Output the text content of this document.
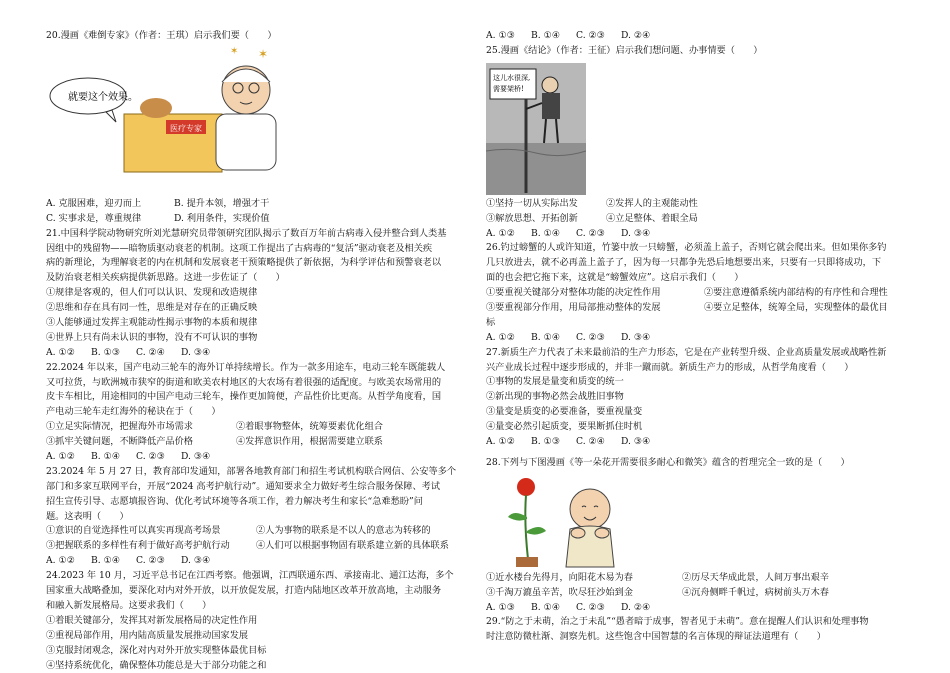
20.漫画《难倒专家》（作者：王琪）启示我们要（　　）
✶
✶
就要这个效果。
医疗专家
A. 克服困难，迎刃而上	B. 提升本领，增强才干
C. 实事求是，尊重规律	D. 利用条件，实现价值
21.中国科学院动物研究所刘光慧研究员带领研究团队揭示了数百万年前古病毒入侵并整合到人类基
因组中的残留物——暗物质驱动衰老的机制。这项工作提出了古病毒的“复活”驱动衰老及相关疾
病的新理论，为理解衰老的内在机制和发展衰老干预策略提供了新依据，为科学评估和预警衰老以
及防治衰老相关疾病提供新思路。这进一步佐证了（　　）
①规律是客观的，但人们可以认识、发现和改造规律
②思维和存在具有同一性，思维是对存在的正确反映
③人能够通过发挥主观能动性揭示事物的本质和规律
④世界上只有尚未认识的事物，没有不可认识的事物
A. ①② B. ①③ C. ②④ D. ③④
22.2024 年以来，国产电动三轮车的海外订单持续增长。作为一款多用途车，电动三轮车既能载人
又可拉货，与欧洲城市狭窄的街道和欧美农村地区的大农场有着很强的适配度。与欧美农场常用的
皮卡车相比，用途相同的中国产电动三轮车，操作更加简便，产品性价比更高。从哲学角度看，国
产电动三轮车走红海外的秘诀在于（　　）
①立足实际情况，把握海外市场需求	②着眼事物整体，统筹要素优化组合
③抓牢关键问题，不断降低产品价格	④发挥意识作用，根据需要建立联系
A. ①② B. ①④ C. ②③ D. ③④
23.2024 年 5 月 27 日，教育部印发通知，部署各地教育部门和招生考试机构联合网信、公安等多个
部门和多家互联网平台，开展“2024 高考护航行动”。通知要求全力做好考生综合服务保障、考试
招生宣传引导、志愿填报咨询、优化考试环境等各项工作，着力解决考生和家长“急难愁盼”问
题。这表明（　　）
①意识的自觉选择性可以真实再现高考场景	②人为事物的联系是不以人的意志为转移的
③把握联系的多样性有利于做好高考护航行动	④人们可以根据事物固有联系建立新的具体联系
A. ①② B. ①④ C. ②③ D. ③④
24.2023 年 10 月，习近平总书记在江西考察。他强调，江西联通东西、承接南北、通江达海，多个
国家重大战略叠加，要深化对内对外开放，以开放促发展，打造内陆地区改革开放高地，主动服务
和融入新发展格局。这要求我们（　　）
①着眼关键部分，发挥其对新发展格局的决定性作用
②重视局部作用，用内陆高质量发展推动国家发展
③克服封闭观念，深化对内对外开放实现整体最优目标
④坚持系统优化，确保整体功能总是大于部分功能之和
A. ①③ B. ①④ C. ②③ D. ②④
25.漫画《结论》（作者：王征）启示我们想问题、办事情要（　　）
这儿水很深,
需要架桥!
①坚持一切从实际出发	②发挥人的主观能动性
③解放思想、开拓创新	④立足整体、着眼全局
A. ①② B. ①④ C. ②③ D. ③④
26.钓过螃蟹的人或许知道，竹篓中放一只螃蟹，必须盖上盖子，否则它就会爬出来。但如果你多钓
几只放进去，就不必再盖上盖子了，因为每一只都争先恐后地想要出来，只要有一只即将成功，下
面的也会把它拖下来，这就是“螃蟹效应”。这启示我们（　　）
①要重视关键部分对整体功能的决定性作用	②要注意遵循系统内部结构的有序性和合理性
③要重视部分作用，用局部推动整体的发展	④要立足整体，统筹全局，实现整体的最优目
标
A. ①② B. ①④ C. ②③ D. ③④
27.新质生产力代表了未来最前沿的生产力形态，它是在产业转型升级、企业高质量发展或战略性新
兴产业成长过程中逐步形成的，并非一蹴而就。新质生产力的形成，从哲学角度看（　　）
①事物的发展是量变和质变的统一
②新出现的事物必然会战胜旧事物
③量变是质变的必要准备，要重视量变
④量变必然引起质变，要果断抓住时机
A. ①② B. ①③ C. ②④ D. ③④
28.下列与下图漫画《等一朵花开需要很多耐心和微笑》蕴含的哲理完全一致的是（　　）
①近水楼台先得月，向阳花木易为春	②历尽天华成此景，人间万事出艰辛
③千淘万漉虽辛苦，吹尽狂沙始到金	④沉舟侧畔千帆过，病树前头万木春
A. ①③ B. ①④ C. ②③ D. ②④
29.“防之于未萌，治之于未乱”“愚者暗于成事，智者见于未萌”。意在提醒人们认识和处理事物
时注意防微杜渐、洞察先机。这些饱含中国智慧的名言体现的辩证法道理有（　　）
